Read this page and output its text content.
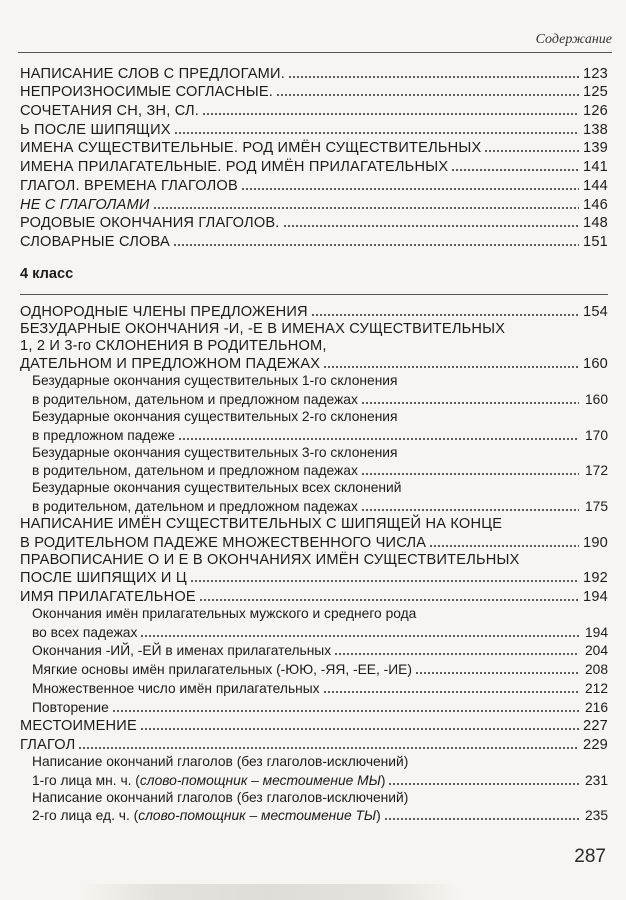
Содержание
НАПИСАНИЕ СЛОВ С ПРЕДЛОГАМИ.	123
НЕПРОИЗНОСИМЫЕ СОГЛАСНЫЕ.	125
СОЧЕТАНИЯ СН, ЗН, СЛ.	126
Ь ПОСЛЕ ШИПЯЩИХ	138
ИМЕНА СУЩЕСТВИТЕЛЬНЫЕ. РОД ИМЁН СУЩЕСТВИТЕЛЬНЫХ	139
ИМЕНА ПРИЛАГАТЕЛЬНЫЕ. РОД ИМЁН ПРИЛАГАТЕЛЬНЫХ	141
ГЛАГОЛ. ВРЕМЕНА ГЛАГОЛОВ	144
НЕ С ГЛАГОЛАМИ	146
РОДОВЫЕ ОКОНЧАНИЯ ГЛАГОЛОВ.	148
СЛОВАРНЫЕ СЛОВА	151
4 класс
ОДНОРОДНЫЕ ЧЛЕНЫ ПРЕДЛОЖЕНИЯ	154
БЕЗУДАРНЫЕ ОКОНЧАНИЯ -И, -Е В ИМЕНАХ СУЩЕСТВИТЕЛЬНЫХ
1, 2 И 3-го СКЛОНЕНИЯ В РОДИТЕЛЬНОМ,
ДАТЕЛЬНОМ И ПРЕДЛОЖНОМ ПАДЕЖАХ	160
Безударные окончания существительных 1-го склонения
в родительном, дательном и предложном падежах	160
Безударные окончания существительных 2-го склонения
в предложном падеже	170
Безударные окончания существительных 3-го склонения
в родительном, дательном и предложном падежах	172
Безударные окончания существительных всех склонений
в родительном, дательном и предложном падежах	175
НАПИСАНИЕ ИМЁН СУЩЕСТВИТЕЛЬНЫХ С ШИПЯЩЕЙ НА КОНЦЕ
В РОДИТЕЛЬНОМ ПАДЕЖЕ МНОЖЕСТВЕННОГО ЧИСЛА	190
ПРАВОПИСАНИЕ О И Е В ОКОНЧАНИЯХ ИМЁН СУЩЕСТВИТЕЛЬНЫХ
ПОСЛЕ ШИПЯЩИХ И Ц	192
ИМЯ ПРИЛАГАТЕЛЬНОЕ	194
Окончания имён прилагательных мужского и среднего рода
во всех падежах	194
Окончания -ИЙ, -ЕЙ в именах прилагательных	204
Мягкие основы имён прилагательных (-ЮЮ, -ЯЯ, -ЕЕ, -ИЕ)	208
Множественное число имён прилагательных	212
Повторение	216
МЕСТОИМЕНИЕ	227
ГЛАГОЛ	229
Написание окончаний глаголов (без глаголов-исключений)
1-го лица мн. ч. (слово-помощник – местоимение МЫ)	231
Написание окончаний глаголов (без глаголов-исключений)
2-го лица ед. ч. (слово-помощник – местоимение ТЫ)	235
287
